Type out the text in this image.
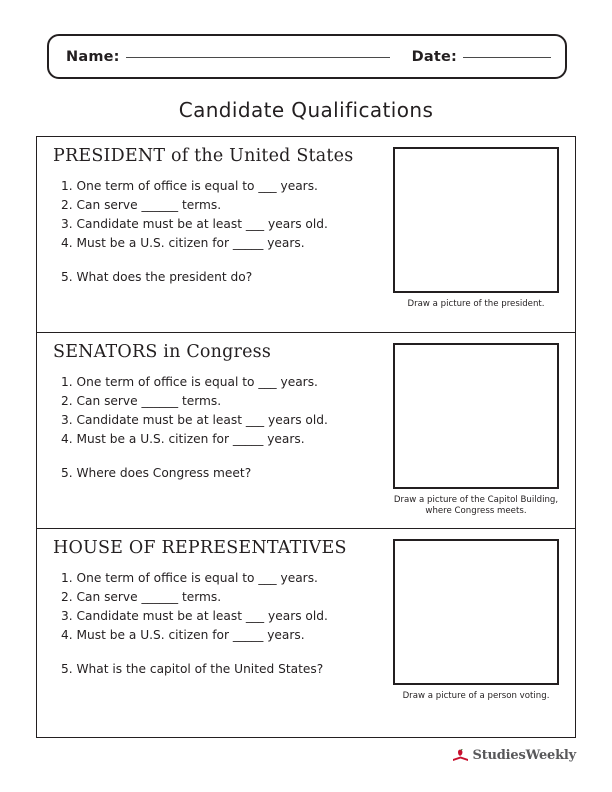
Name:	Date:
Candidate Qualifications
PRESIDENT of the United States
1. One term of office is equal to ___ years.
2. Can serve ______ terms.
3. Candidate must be at least ___ years old.
4. Must be a U.S. citizen for _____ years.
5. What does the president do?
Draw a picture of the president.
SENATORS in Congress
1. One term of office is equal to ___ years.
2. Can serve ______ terms.
3. Candidate must be at least ___ years old.
4. Must be a U.S. citizen for _____ years.
5. Where does Congress meet?
Draw a picture of the Capitol Building, where Congress meets.
HOUSE OF REPRESENTATIVES
1. One term of office is equal to ___ years.
2. Can serve ______ terms.
3. Candidate must be at least ___ years old.
4. Must be a U.S. citizen for _____ years.
5. What is the capitol of the United States?
Draw a picture of a person voting.
StudiesWeekly
